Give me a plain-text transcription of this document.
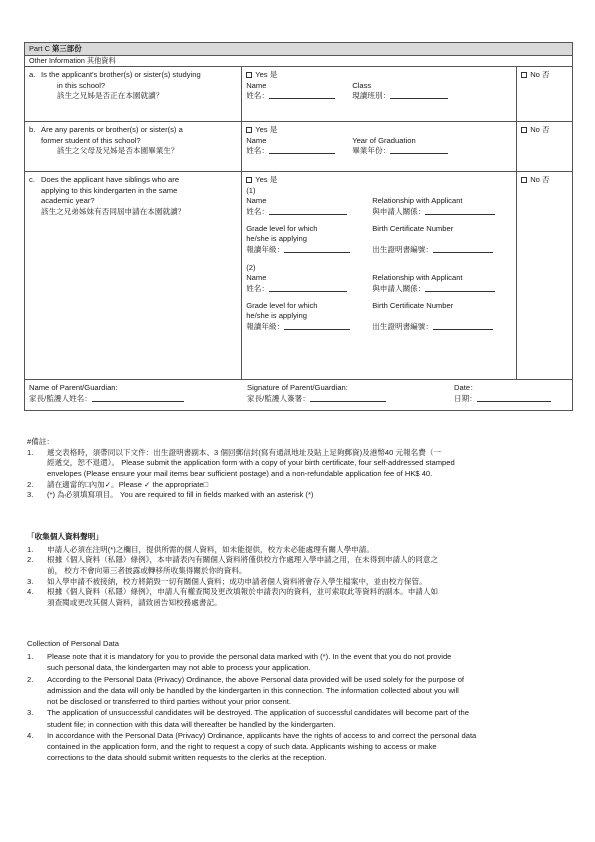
Part C 第三部份
Other Information 其他資料
a. Is the applicant's brother(s) or sister(s) studying
in this school?
該生之兄姊是否正在本園就讀？
Yes 是
Name
姓名：
Class
現讀班別：
No 否
b. Are any parents or brother(s) or sister(s) a
former student of this school?
該生之父母及兄姊是否本園畢業生？
Yes 是
Name
姓名：
Year of Graduation
畢業年份：
No 否
c. Does the applicant have siblings who are
applying to this kindergarten in the same
academic year?
該生之兄弟姊妹有否同屆申請在本園就讀？
Yes 是
(1)
Name
姓名：
Relationship with Applicant
與申請人關係：
Grade level for which
he/she is applying
報讀年級：
Birth Certificate Number
出生證明書編號：
(2)
Name
姓名：
Relationship with Applicant
與申請人關係：
Grade level for which
he/she is applying
報讀年級：
Birth Certificate Number
出生證明書編號：
No 否
Name of Parent/Guardian:
家長/監護人姓名：
Signature of Parent/Guardian:
家長/監護人簽署：
Date：
日期：
#備註：
1.	遞交表格時，須帶同以下文件：出生證明書副本、3 個回郵信封(寫有通訊地址及貼上足夠郵資)及港幣40 元報名費（一
經遞交，恕不退還）。 Please submit the application form with a copy of your birth certificate, four self-addressed stamped
envelopes (Please ensure your mail items bear sufficient postage) and a non-refundable application fee of HK$ 40.
2.	請在適當的□內加✓。Please ✓ the appropriate□
3.	(*) 為必須填寫項目。 You are required to fill in fields marked with an asterisk (*)
「收集個人資料聲明」
1.	申請人必須在注明(*)之欄目，提供所需的個人資料，如未能提供，校方未必能處理有關人學申請。
2.	根據《個人資料（私隱）條例》，本申請表內有關個人資料將僅供校方作處理入學申請之用，在未得到申請人的同意之
前， 校方不會向第三者披露或轉移所收集得關於你的資料。
3.	如入學申請不被接納，校方將銷毀一切有關個人資料；成功申請者個人資料將會存入學生檔案中，並由校方保管。
4.	根據《個人資料（私隱）條例》，申請人有權查閱及更改填報於申請表內的資料，並可索取此等資料的副本。申請人如
須查閱或更改其個人資料，請致函告知校務處書記。
Collection of Personal Data
1.	Please note that it is mandatory for you to provide the personal data marked with (*). In the event that you do not provide
such personal data, the kindergarten may not able to process your application.
2.	According to the Personal Data (Privacy) Ordinance, the above Personal data provided will be used solely for the purpose of
admission and the data will only be handled by the kindergarten in this connection. The information collected about you will
not be disclosed or transferred to third parties without your prior consent.
3.	The application of unsuccessful candidates will be destroyed. The application of successful candidates will become part of the
student file; in connection with this data will thereafter be handled by the kindergarten.
4.	In accordance with the Personal Data (Privacy) Ordinance, applicants have the rights of access to and correct the personal data
contained in the application form, and the right to request a copy of such data. Applicants wishing to access or make
corrections to the data should submit written requests to the clerks at the reception.
